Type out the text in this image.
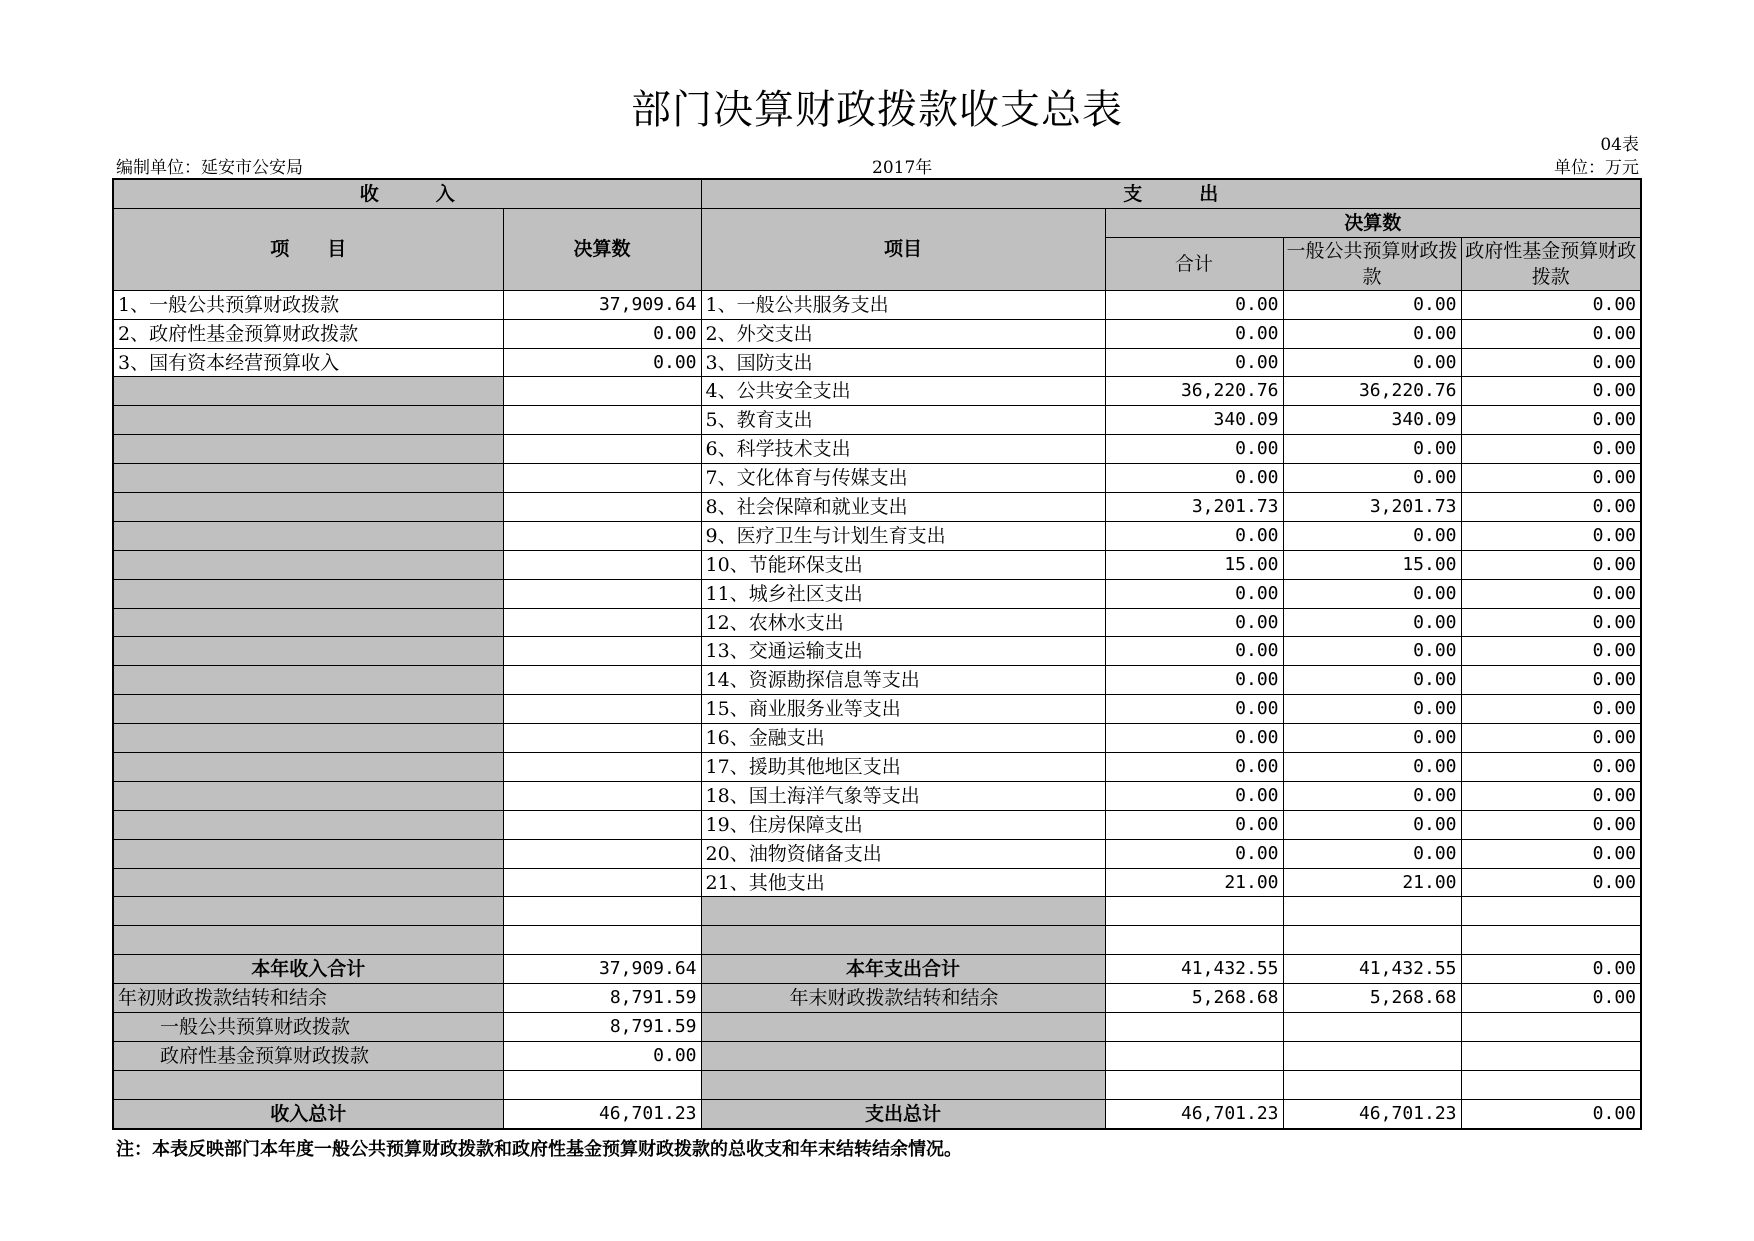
部门决算财政拨款收支总表
04表
编制单位：延安市公安局	2017年	单位：万元
收　　　入		支　　　出			
项　　目	决算数	项目	决算数		
			合计	一般公共预算财政拨款	政府性基金预算财政拨款

1、一般公共预算财政拨款	37,909.64	1、一般公共服务支出	0.00	0.00	0.00
2、政府性基金预算财政拨款	0.00	2、外交支出	0.00	0.00	0.00
3、国有资本经营预算收入	0.00	3、国防支出	0.00	0.00	0.00
		4、公共安全支出	36,220.76	36,220.76	0.00
		5、教育支出	340.09	340.09	0.00
		6、科学技术支出	0.00	0.00	0.00
		7、文化体育与传媒支出	0.00	0.00	0.00
		8、社会保障和就业支出	3,201.73	3,201.73	0.00
		9、医疗卫生与计划生育支出	0.00	0.00	0.00
		10、节能环保支出	15.00	15.00	0.00
		11、城乡社区支出	0.00	0.00	0.00
		12、农林水支出	0.00	0.00	0.00
		13、交通运输支出	0.00	0.00	0.00
		14、资源勘探信息等支出	0.00	0.00	0.00
		15、商业服务业等支出	0.00	0.00	0.00
		16、金融支出	0.00	0.00	0.00
		17、援助其他地区支出	0.00	0.00	0.00
		18、国土海洋气象等支出	0.00	0.00	0.00
		19、住房保障支出	0.00	0.00	0.00
		20、油物资储备支出	0.00	0.00	0.00
		21、其他支出	21.00	21.00	0.00

本年收入合计	37,909.64	本年支出合计	41,432.55	41,432.55	0.00
年初财政拨款结转和结余	8,791.59	年末财政拨款结转和结余	5,268.68	5,268.68	0.00
一般公共预算财政拨款	8,791.59				
政府性基金预算财政拨款	0.00				

收入总计	46,701.23	支出总计	46,701.23	46,701.23	0.00
注：本表反映部门本年度一般公共预算财政拨款和政府性基金预算财政拨款的总收支和年末结转结余情况。
